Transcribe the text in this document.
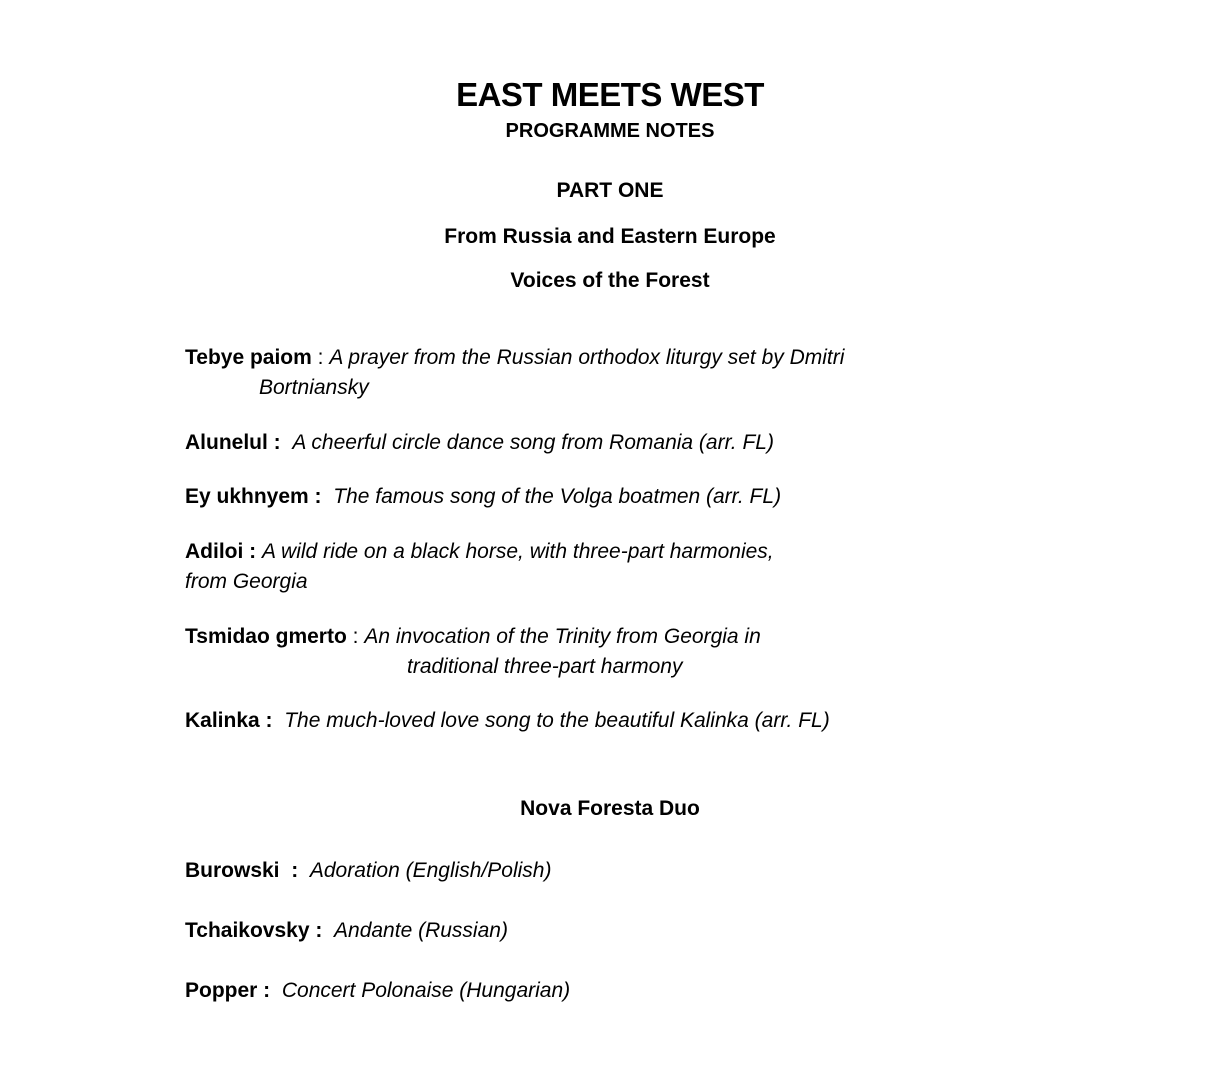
EAST MEETS WEST
PROGRAMME NOTES
PART ONE
From Russia and Eastern Europe
Voices of the Forest
Tebye paiom : A prayer from the Russian orthodox liturgy set by Dmitri
Bortniansky
Alunelul : A cheerful circle dance song from Romania (arr. FL)
Ey ukhnyem : The famous song of the Volga boatmen (arr. FL)
Adiloi : A wild ride on a black horse, with three-part harmonies,
from Georgia
Tsmidao gmerto : An invocation of the Trinity from Georgia in
traditional three-part harmony
Kalinka : The much-loved love song to the beautiful Kalinka (arr. FL)
Nova Foresta Duo
Burowski  : Adoration (English/Polish)
Tchaikovsky : Andante (Russian)
Popper : Concert Polonaise (Hungarian)
